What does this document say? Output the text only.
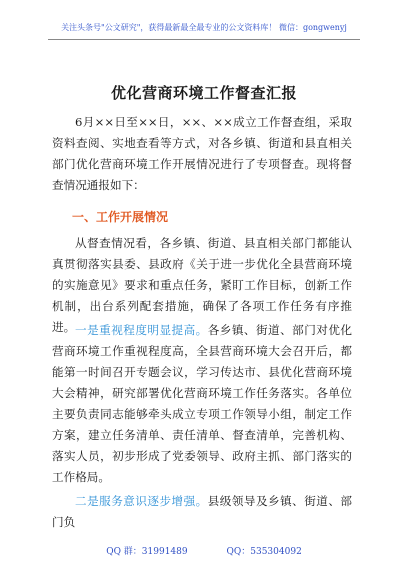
关注头条号"公文研究"，获得最新最全最专业的公文资料库！ 微信：gongwenyj
优化营商环境工作督查汇报

6月××日至××日，××、××成立工作督查组，采取资料查阅、实地查看等方式，对各乡镇、街道和县直相关部门优化营商环境工作开展情况进行了专项督查。现将督查情况通报如下：

一、工作开展情况

从督查情况看，各乡镇、街道、县直相关部门都能认真贯彻落实县委、县政府《关于进一步优化全县营商环境的实施意见》要求和重点任务，紧盯工作目标，创新工作机制，出台系列配套措施，确保了各项工作任务有序推进。 一是重视程度明显提高。各乡镇、街道、部门对优化营商环境工作重视程度高，全县营商环境大会召开后，都能第一时间召开专题会议，学习传达市、县优化营商环境大会精神，研究部署优化营商环境工作任务落实。各单位主要负责同志能够牵头成立专项工作领导小组，制定工作方案，建立任务清单、责任清单、督查清单，完善机构、落实人员，初步形成了党委领导、政府主抓、部门落实的工作格局。

二是服务意识逐步增强。县级领导及乡镇、街道、部门负

QQ 群：31991489	QQ：535304092
